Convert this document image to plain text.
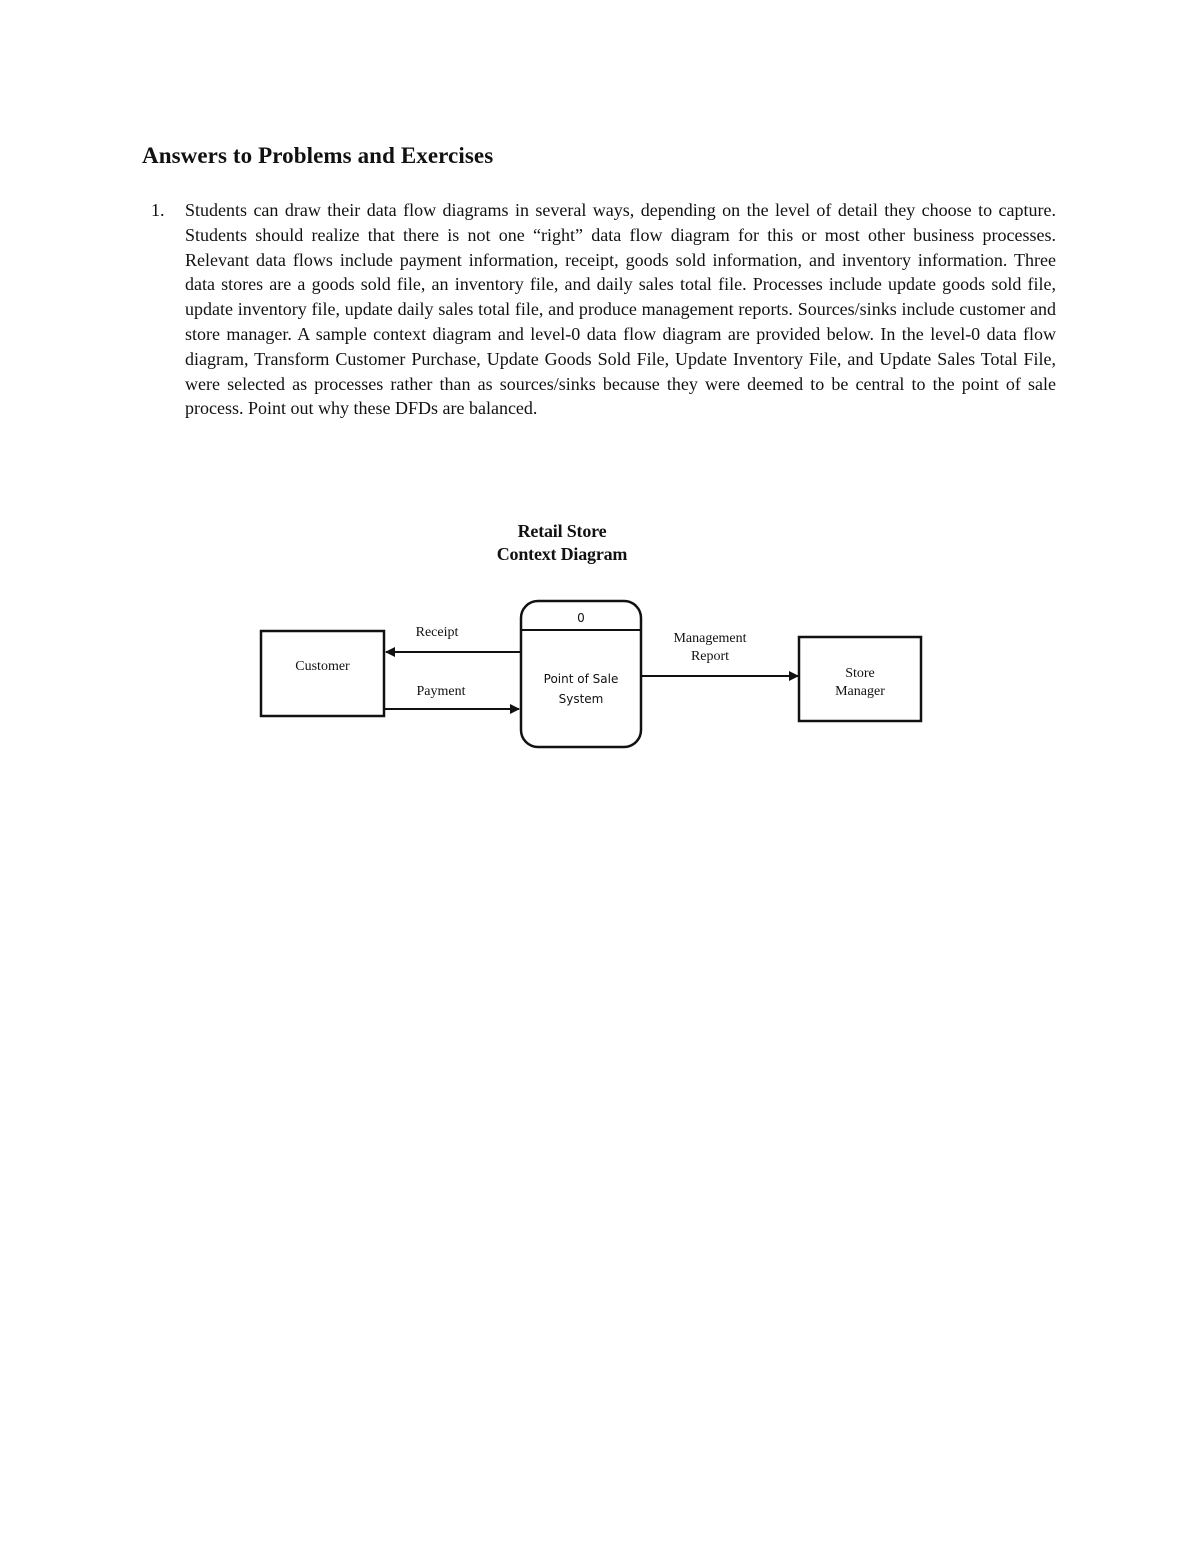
Answers to Problems and Exercises
1. Students can draw their data flow diagrams in several ways, depending on the level of detail they choose to capture. Students should realize that there is not one “right” data flow diagram for this or most other business processes. Relevant data flows include payment information, receipt, goods sold information, and inventory information. Three data stores are a goods sold file, an inventory file, and daily sales total file. Processes include update goods sold file, update inventory file, update daily sales total file, and produce management reports. Sources/sinks include customer and store manager. A sample context diagram and level-0 data flow diagram are provided below. In the level-0 data flow diagram, Transform Customer Purchase, Update Goods Sold File, Update Inventory File, and Update Sales Total File, were selected as processes rather than as sources/sinks because they were deemed to be central to the point of sale process. Point out why these DFDs are balanced.

Retail Store
Context Diagram
Customer
0
Point of Sale
System
Store
Manager
Receipt
Payment
Management
Report
